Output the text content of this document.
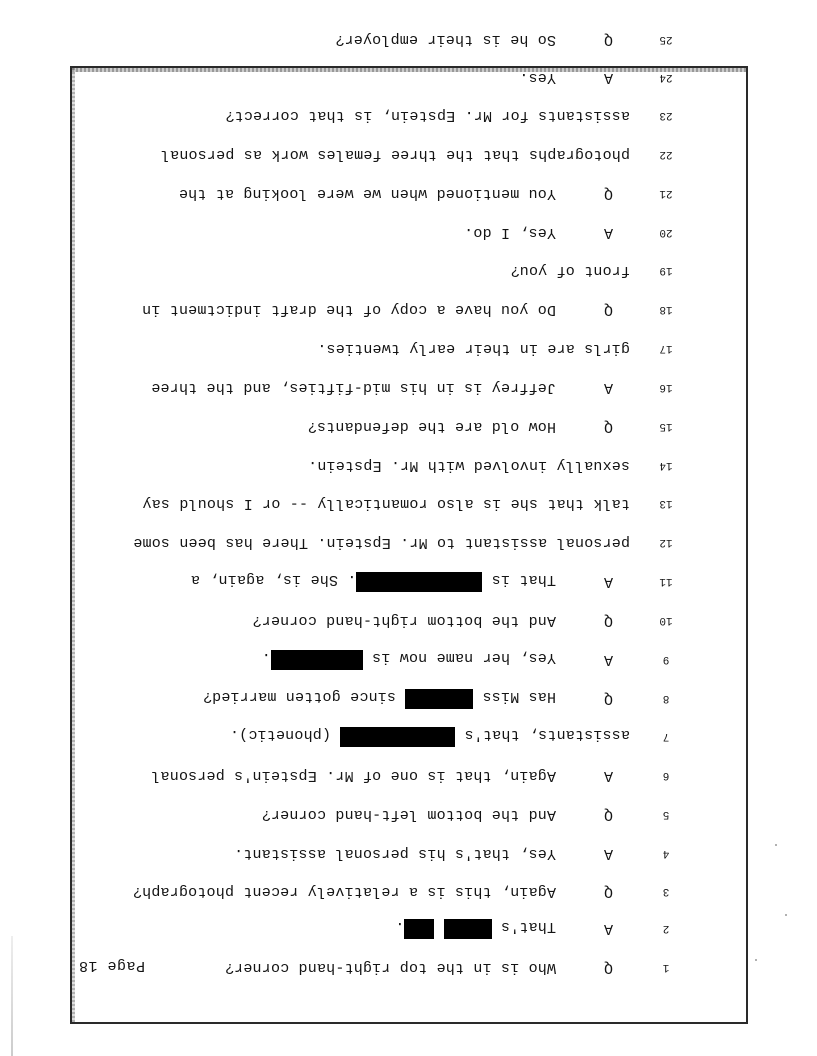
Page 18	1
Q
Who is in the top right-hand corner?
2
A
That's  .
3
Q
Again, this is a relatively recent photograph?
4
A
Yes, that's his personal assistant.
5
Q
And the bottom left-hand corner?
6
A
Again, that is one of Mr. Epstein's personal
7
assistants, that's  (phonetic).
8
Q
Has Miss  since gotten married?
9
A
Yes, her name now is .
10
Q
And the bottom right-hand corner?
11
A
That is . She is, again, a
12
personal assistant to Mr. Epstein. There has been some
13
talk that she is also romantically -- or I should say
14
sexually involved with Mr. Epstein.
15
Q
How old are the defendants?
16
A
Jeffrey is in his mid-fifties, and the three
17
girls are in their early twenties.
18
Q
Do you have a copy of the draft indictment in
19
front of you?
20
A
Yes, I do.
21
Q
You mentioned when we were looking at the
22
photographs that the three females work as personal
23
assistants for Mr. Epstein, is that correct?
24
A
Yes.
25
Q
So he is their employer?
